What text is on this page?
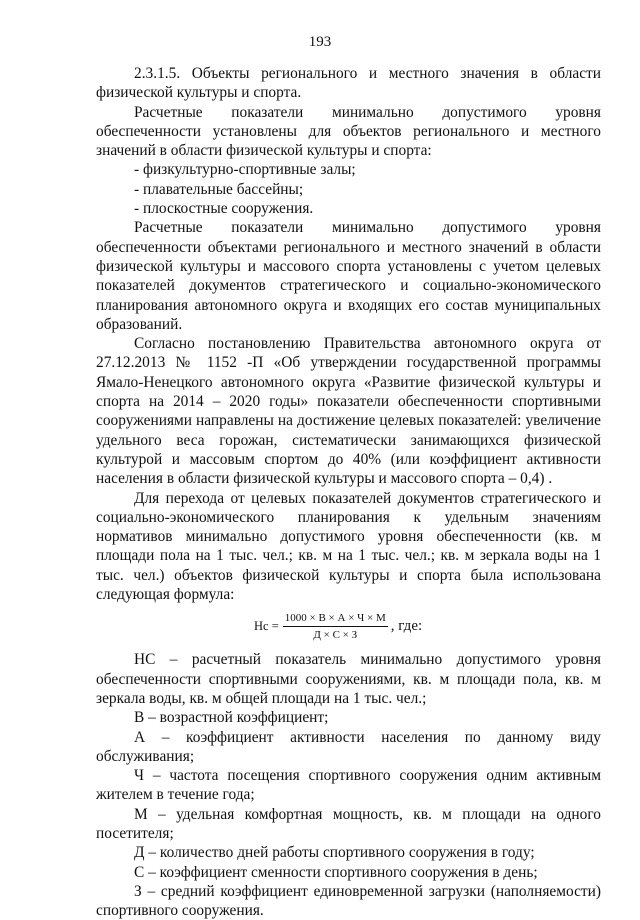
193

2.3.1.5. Объекты регионального и местного значения в области физической культуры и спорта.

Расчетные показатели минимально допустимого уровня обеспеченности установлены для объектов регионального и местного значений в области физической культуры и спорта:

- физкультурно-спортивные залы;

- плавательные бассейны;

- плоскостные сооружения.

Расчетные показатели минимально допустимого уровня обеспеченности объектами регионального и местного значений в области физической культуры и массового спорта установлены с учетом целевых показателей документов стратегического и социально-экономического планирования автономного округа и входящих его состав муниципальных образований.

Согласно постановлению Правительства автономного округа от 27.12.2013 № 1152 -П «Об утверждении государственной программы Ямало-Ненецкого автономного округа «Развитие физической культуры и спорта на 2014 – 2020 годы» показатели обеспеченности спортивными сооружениями направлены на достижение целевых показателей: увеличение удельного веса горожан, систематически занимающихся физической культурой и массовым спортом до 40% (или коэффициент активности населения в области физической культуры и массового спорта – 0,4) .

Для перехода от целевых показателей документов стратегического и социально-экономического планирования к удельным значениям нормативов минимально допустимого уровня обеспеченности (кв. м площади пола на 1 тыс. чел.; кв. м на 1 тыс. чел.; кв. м зеркала воды на 1 тыс. чел.) объектов физической культуры и спорта была использована следующая формула:

Нс = $\frac{1000 \times В \times А \times Ч \times М}{Д \times С \times З}$ , где:

НС – расчетный показатель минимально допустимого уровня обеспеченности спортивными сооружениями, кв. м площади пола, кв. м зеркала воды, кв. м общей площади на 1 тыс. чел.;

В – возрастной коэффициент;

А – коэффициент активности населения по данному виду обслуживания;

Ч – частота посещения спортивного сооружения одним активным жителем в течение года;

М – удельная комфортная мощность, кв. м площади на одного посетителя;

Д – количество дней работы спортивного сооружения в году;

С – коэффициент сменности спортивного сооружения в день;

З – средний коэффициент единовременной загрузки (наполняемости) спортивного сооружения.
